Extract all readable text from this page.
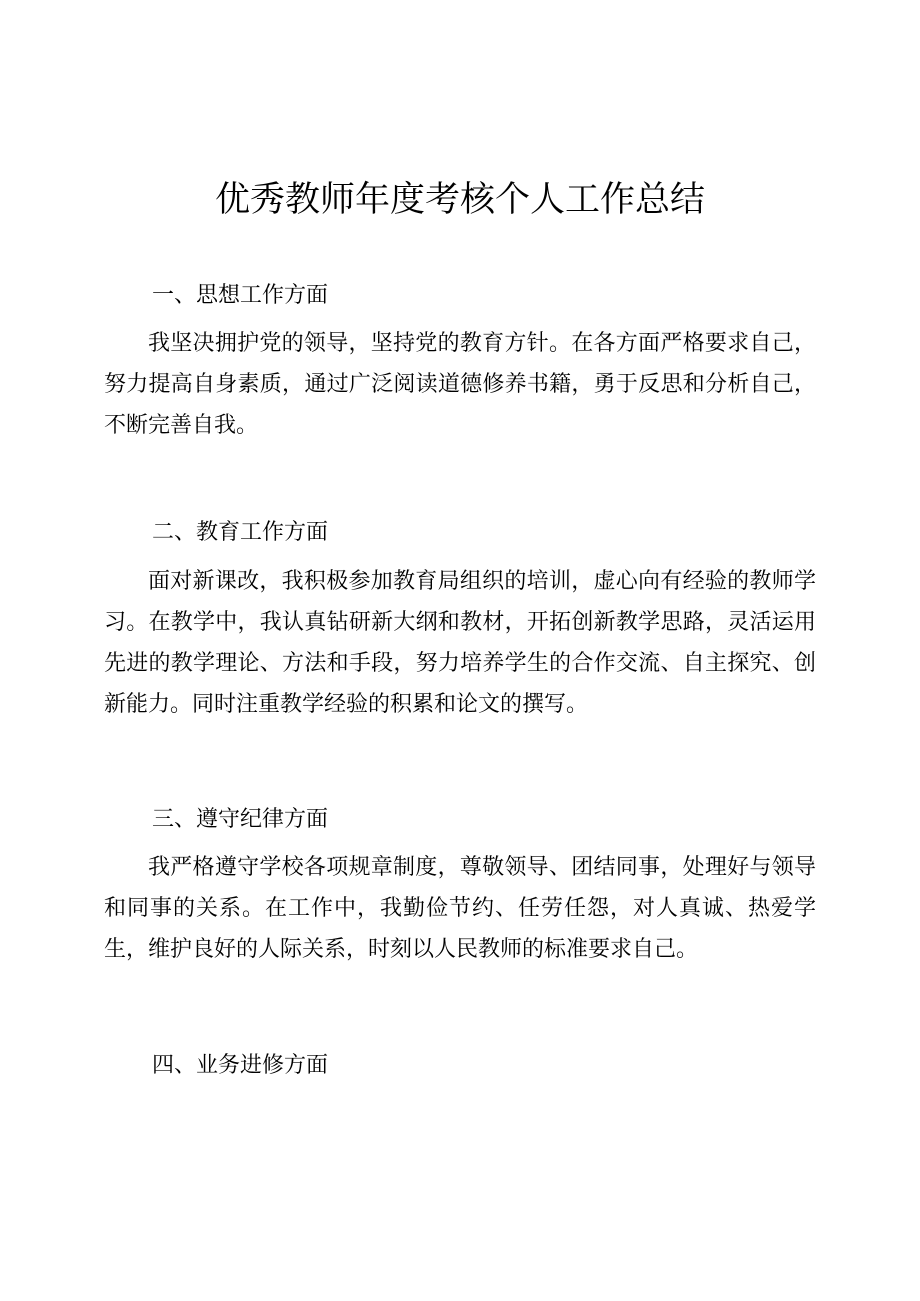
优秀教师年度考核个人工作总结
一、思想工作方面

我坚决拥护党的领导，坚持党的教育方针。在各方面严格要求自己，努力提高自身素质，通过广泛阅读道德修养书籍，勇于反思和分析自己，不断完善自我。

二、教育工作方面

面对新课改，我积极参加教育局组织的培训，虚心向有经验的教师学习。在教学中，我认真钻研新大纲和教材，开拓创新教学思路，灵活运用先进的教学理论、方法和手段，努力培养学生的合作交流、自主探究、创新能力。同时注重教学经验的积累和论文的撰写。

三、遵守纪律方面

我严格遵守学校各项规章制度，尊敬领导、团结同事，处理好与领导和同事的关系。在工作中，我勤俭节约、任劳任怨，对人真诚、热爱学生，维护良好的人际关系，时刻以人民教师的标准要求自己。

四、业务进修方面
